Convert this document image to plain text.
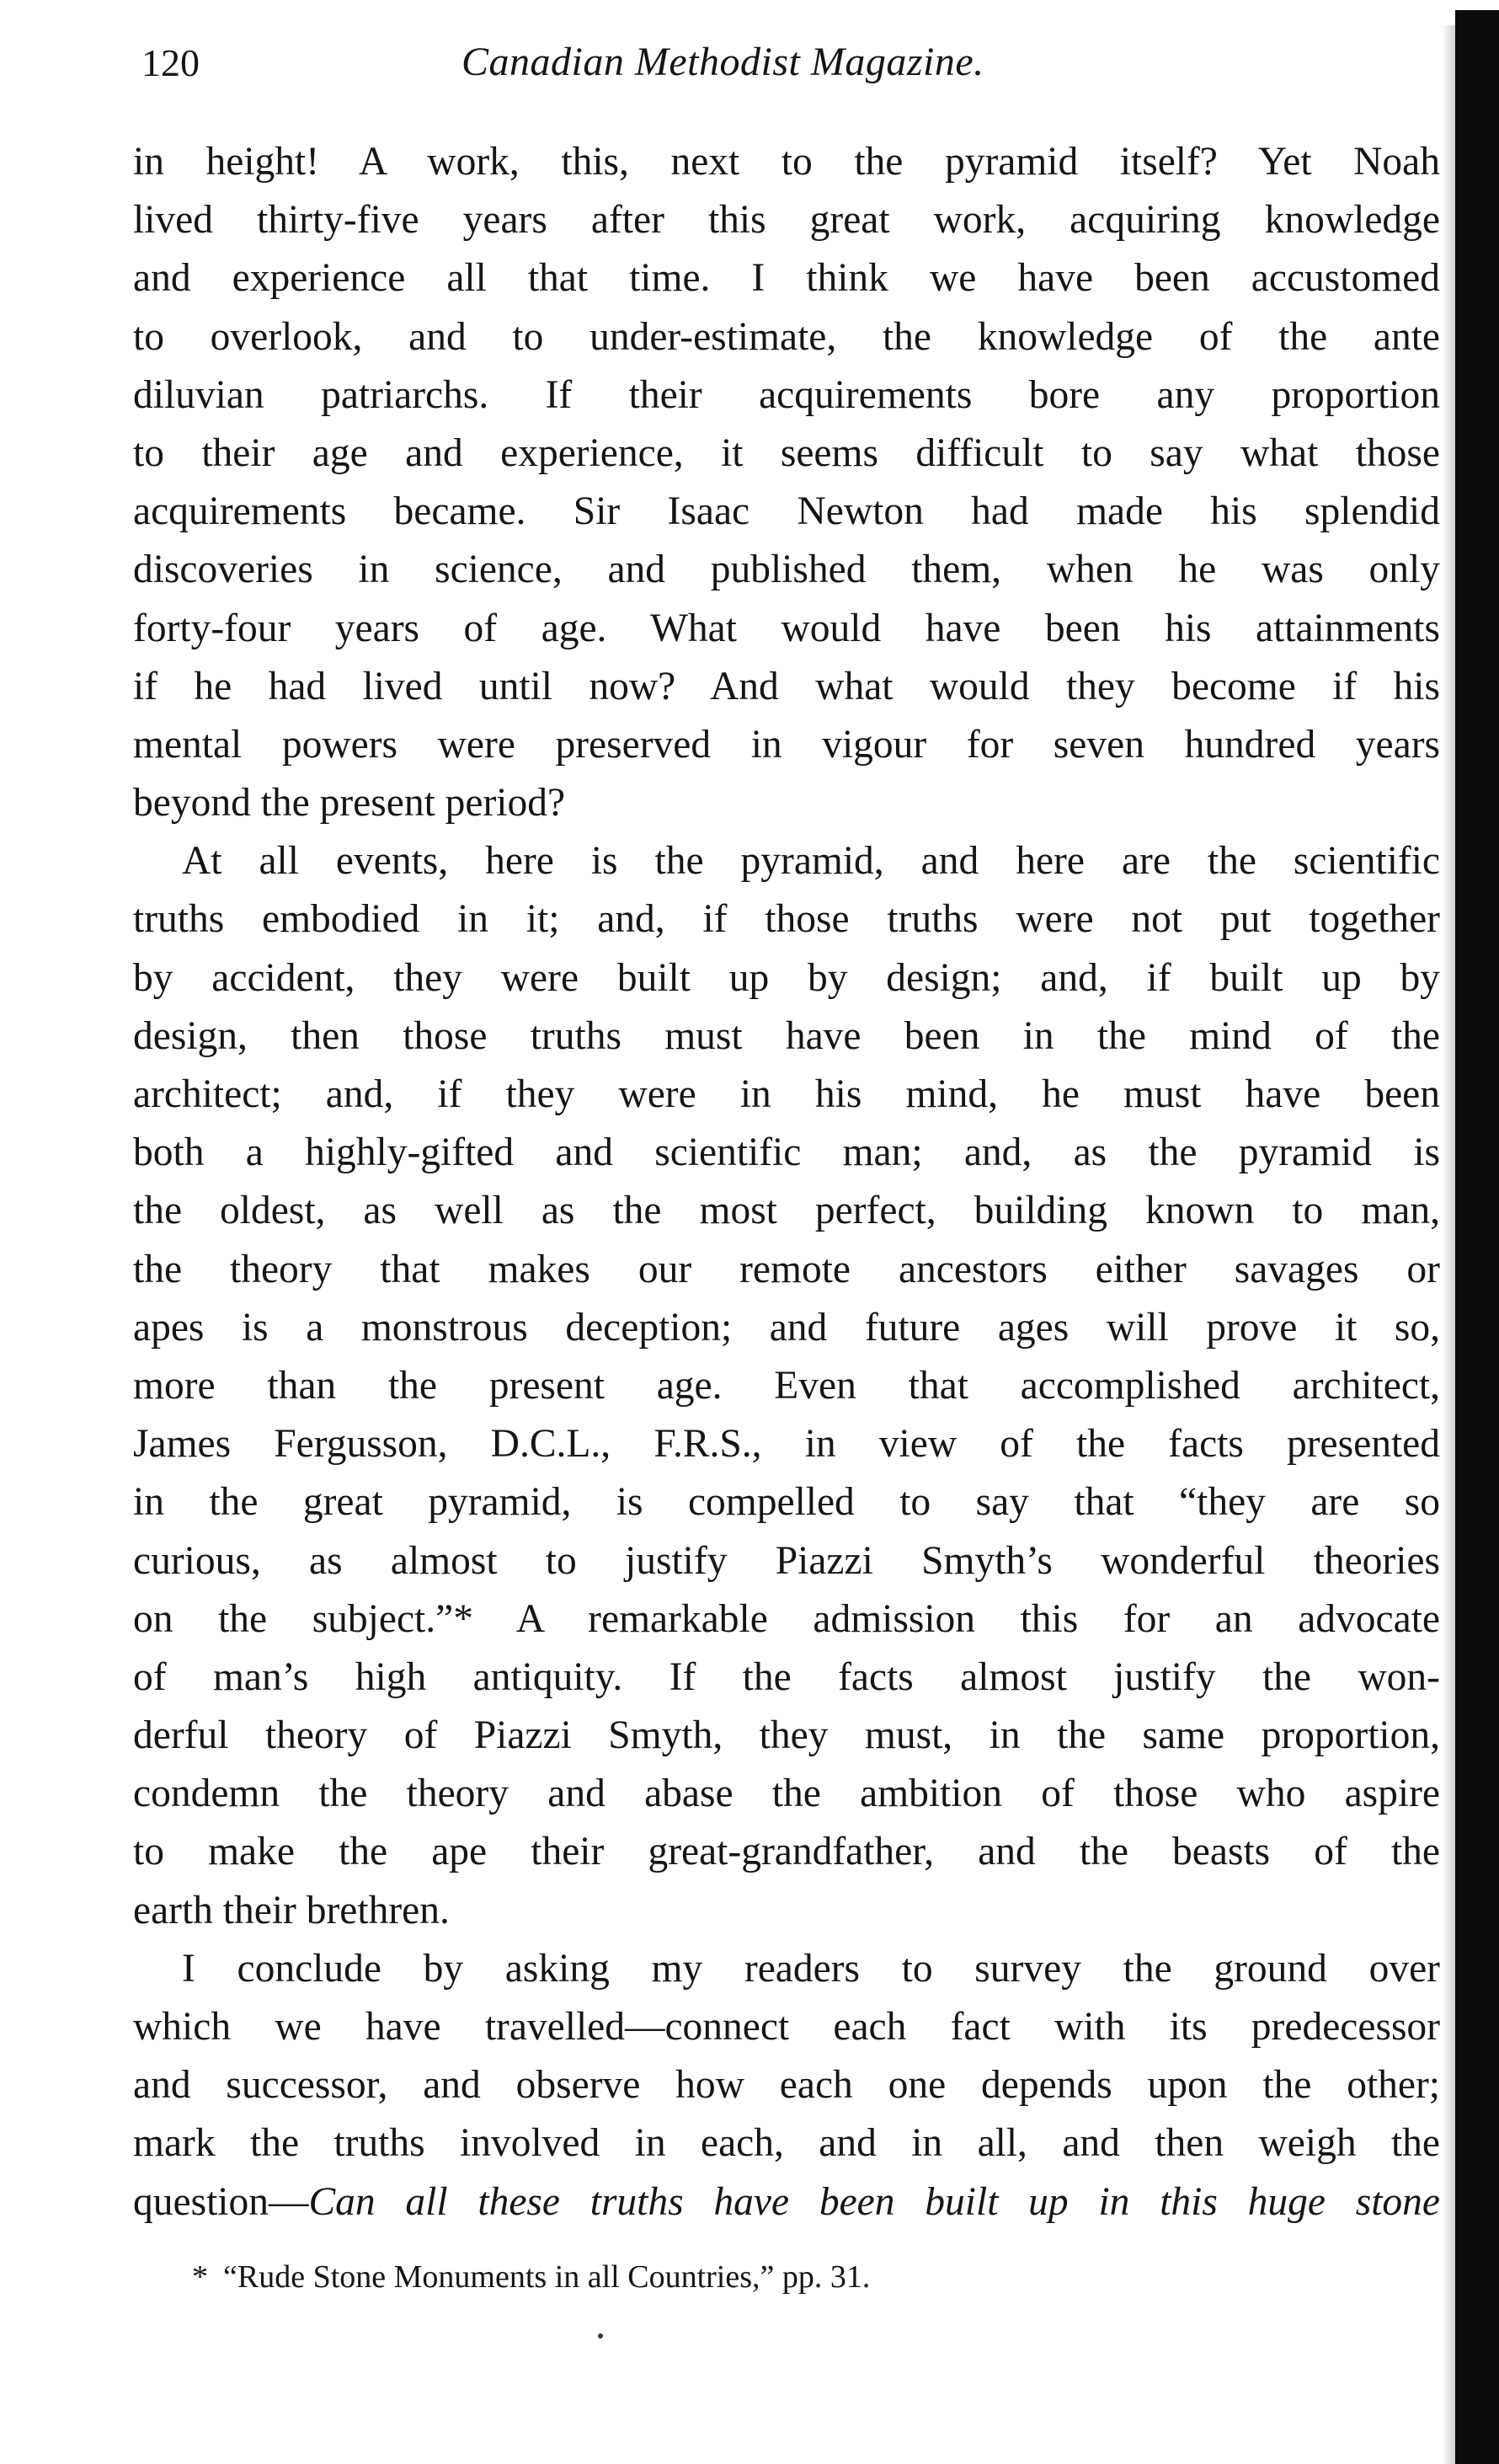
120	Canadian Methodist Magazine.
in height! A work, this, next to the pyramid itself? Yet Noah
lived thirty-five years after this great work, acquiring knowledge
and experience all that time. I think we have been accustomed
to overlook, and to under-estimate, the knowledge of the ante
diluvian patriarchs. If their acquirements bore any proportion
to their age and experience, it seems difficult to say what those
acquirements became. Sir Isaac Newton had made his splendid
discoveries in science, and published them, when he was only
forty-four years of age. What would have been his attainments
if he had lived until now? And what would they become if his
mental powers were preserved in vigour for seven hundred years
beyond the present period?
At all events, here is the pyramid, and here are the scientific
truths embodied in it; and, if those truths were not put together
by accident, they were built up by design; and, if built up by
design, then those truths must have been in the mind of the
architect; and, if they were in his mind, he must have been
both a highly-gifted and scientific man; and, as the pyramid is
the oldest, as well as the most perfect, building known to man,
the theory that makes our remote ancestors either savages or
apes is a monstrous deception; and future ages will prove it so,
more than the present age. Even that accomplished architect,
James Fergusson, D.C.L., F.R.S., in view of the facts presented
in the great pyramid, is compelled to say that “they are so
curious, as almost to justify Piazzi Smyth’s wonderful theories
on the subject.”* A remarkable admission this for an advocate
of man’s high antiquity. If the facts almost justify the won-
derful theory of Piazzi Smyth, they must, in the same proportion,
condemn the theory and abase the ambition of those who aspire
to make the ape their great-grandfather, and the beasts of the
earth their brethren.
I conclude by asking my readers to survey the ground over
which we have travelled—connect each fact with its predecessor
and successor, and observe how each one depends upon the other;
mark the truths involved in each, and in all, and then weigh the
question—Can all these truths have been built up in this huge stone
* “Rude Stone Monuments in all Countries,” pp. 31.
